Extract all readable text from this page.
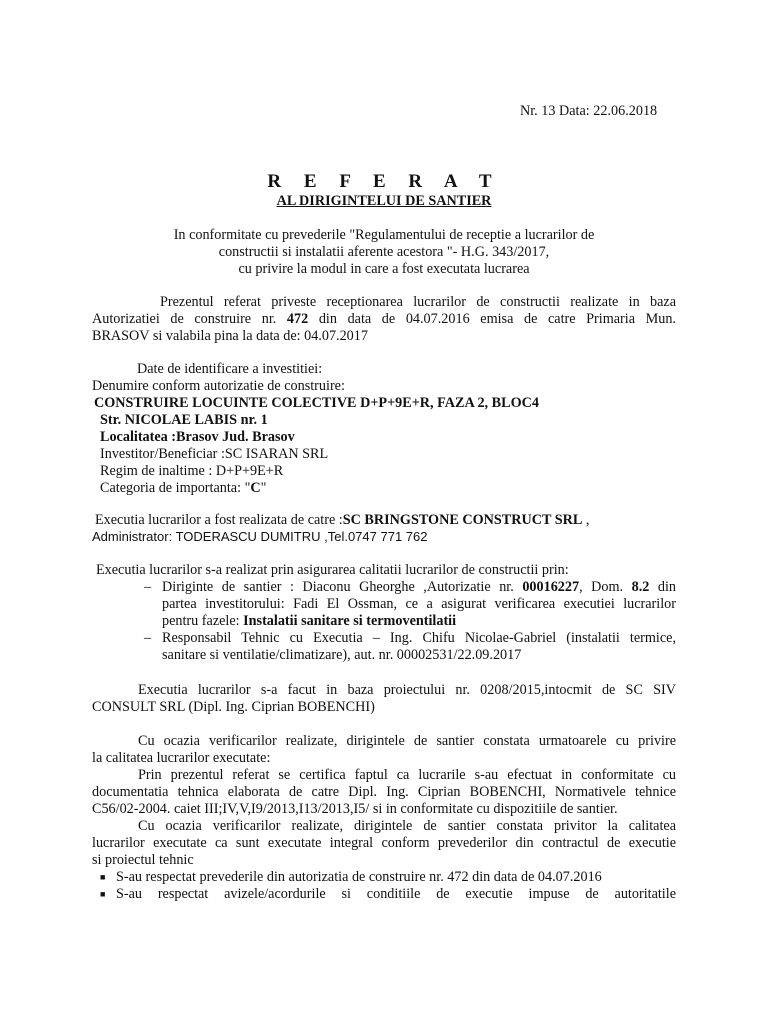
Nr. 13 Data: 22.06.2018
R E F E R A T
AL DIRIGINTELUI DE SANTIER
In conformitate cu prevederile "Regulamentului de receptie a lucrarilor de
constructii si instalatii aferente acestora "- H.G. 343/2017,
cu privire la modul in care a fost executata lucrarea
Prezentul referat priveste receptionarea lucrarilor de constructii realizate in baza
Autorizatiei de construire nr. 472 din data de 04.07.2016 emisa de catre Primaria Mun.
BRASOV si valabila pina la data de: 04.07.2017
Date de identificare a investitiei:
Denumire conform autorizatie de construire:
CONSTRUIRE LOCUINTE COLECTIVE D+P+9E+R, FAZA 2, BLOC4
Str. NICOLAE LABIS nr. 1
Localitatea :Brasov Jud. Brasov
Investitor/Beneficiar :SC ISARAN SRL
Regim de inaltime : D+P+9E+R
Categoria de importanta: "C"
Executia lucrarilor a fost realizata de catre :SC BRINGSTONE CONSTRUCT SRL ,
Administrator: TODERASCU DUMITRU ,Tel.0747 771 762
Executia lucrarilor s-a realizat prin asigurarea calitatii lucrarilor de constructii prin:
– Diriginte de santier : Diaconu Gheorghe ,Autorizatie nr. 00016227, Dom. 8.2 din
partea investitorului: Fadi El Ossman, ce a asigurat verificarea executiei lucrarilor
pentru fazele: Instalatii sanitare si termoventilatii
– Responsabil Tehnic cu Executia – Ing. Chifu Nicolae-Gabriel (instalatii termice,
sanitare si ventilatie/climatizare), aut. nr. 00002531/22.09.2017
Executia lucrarilor s-a facut in baza proiectului nr. 0208/2015,intocmit de SC SIV
CONSULT SRL (Dipl. Ing. Ciprian BOBENCHI)
Cu ocazia verificarilor realizate, dirigintele de santier constata urmatoarele cu privire
la calitatea lucrarilor executate:
Prin prezentul referat se certifica faptul ca lucrarile s-au efectuat in conformitate cu
documentatia tehnica elaborata de catre Dipl. Ing. Ciprian BOBENCHI, Normativele tehnice
C56/02-2004. caiet III;IV,V,I9/2013,I13/2013,I5/ si in conformitate cu dispozitiile de santier.
Cu ocazia verificarilor realizate, dirigintele de santier constata privitor la calitatea
lucrarilor executate ca sunt executate integral conform prevederilor din contractul de executie
si proiectul tehnic
■ S-au respectat prevederile din autorizatia de construire nr. 472 din data de 04.07.2016
■ S-au respectat avizele/acordurile si conditiile de executie impuse de autoritatile
